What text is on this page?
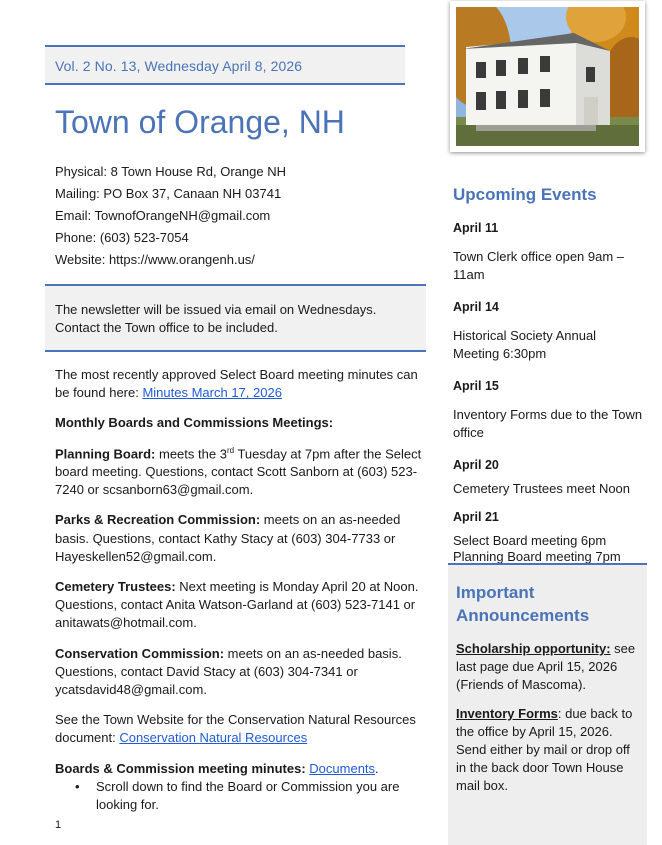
Vol. 2 No. 13, Wednesday April 8, 2026
Town of Orange, NH
Physical: 8 Town House Rd, Orange NH
Mailing: PO Box 37, Canaan NH 03741
Email: TownofOrangeNH@gmail.com
Phone: (603) 523-7054
Website: https://www.orangenh.us/
The newsletter will be issued via email on Wednesdays.
Contact the Town office to be included.

The most recently approved Select Board meeting minutes can be found here: Minutes March 17, 2026

Monthly Boards and Commissions Meetings:

Planning Board: meets the 3rd Tuesday at 7pm after the Select board meeting. Questions, contact Scott Sanborn at (603) 523-7240 or scsanborn63@gmail.com.

Parks & Recreation Commission: meets on an as-needed basis. Questions, contact Kathy Stacy at (603) 304-7733 or Hayeskellen52@gmail.com.

Cemetery Trustees: Next meeting is Monday April 20 at Noon. Questions, contact Anita Watson-Garland at (603) 523-7141 or anitawats@hotmail.com.

Conservation Commission: meets on an as-needed basis. Questions, contact David Stacy at (603) 304-7341 or ycatsdavid48@gmail.com.

See the Town Website for the Conservation Natural Resources document: Conservation Natural Resources

Boards & Commission meeting minutes: Documents.

• Scroll down to find the Board or Commission you are looking for.
1
Upcoming Events
April 11
Town Clerk office open 9am – 11am
April 14
Historical Society Annual Meeting 6:30pm
April 15
Inventory Forms due to the Town office
April 20
Cemetery Trustees meet Noon
April 21
Select Board meeting 6pm
Planning Board meeting 7pm
Important
Announcements
Scholarship opportunity: see last page due April 15, 2026 (Friends of Mascoma).
Inventory Forms: due back to the office by April 15, 2026. Send either by mail or drop off in the back door Town House mail box.
